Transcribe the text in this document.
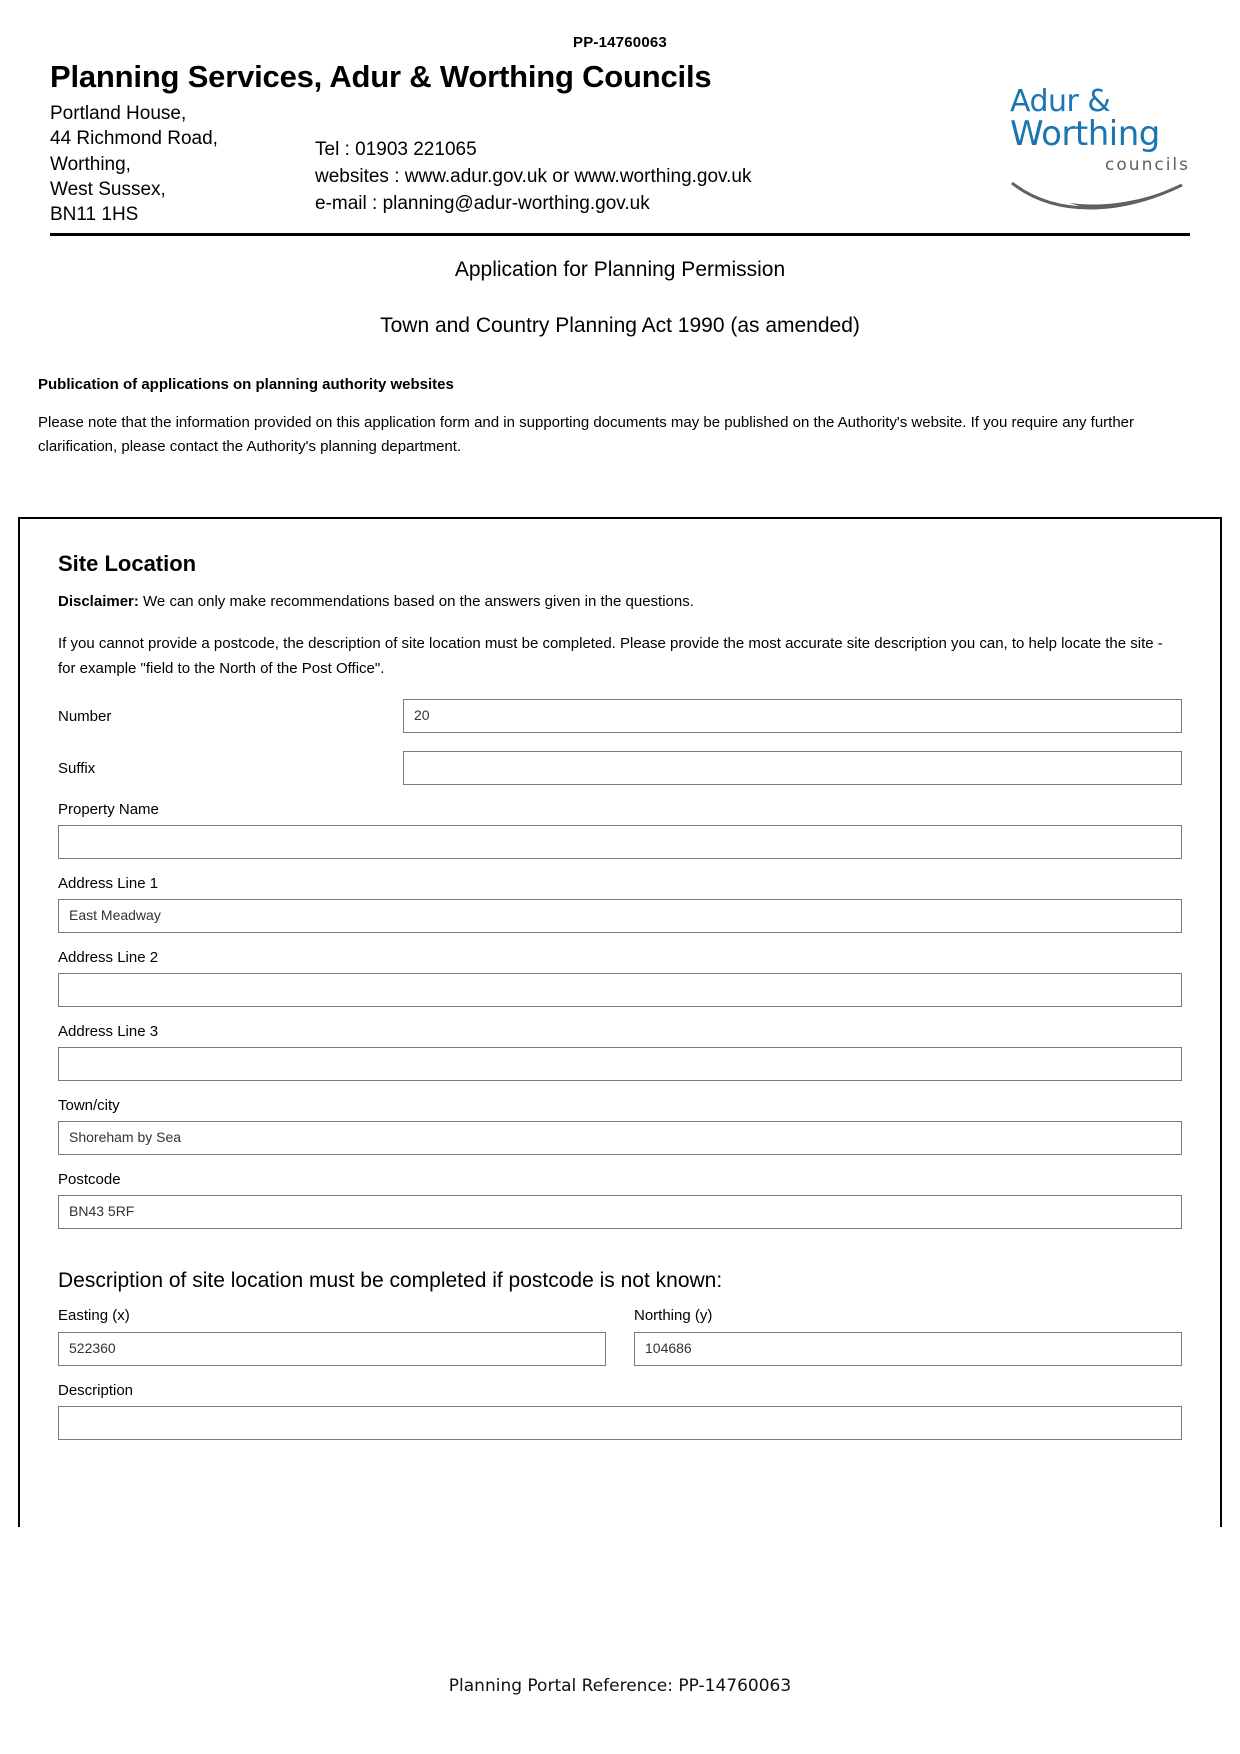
PP-14760063
Planning Services, Adur & Worthing Councils
Portland House,
44 Richmond Road,
Worthing,
West Sussex,
BN11 1HS
Tel : 01903 221065
websites : www.adur.gov.uk or www.worthing.gov.uk
e-mail : planning@adur-worthing.gov.uk
Adur &
Worthing
councils
Application for Planning Permission
Town and Country Planning Act 1990 (as amended)
Publication of applications on planning authority websites
Please note that the information provided on this application form and in supporting documents may be published on the Authority's website. If you require any further clarification, please contact the Authority's planning department.
Site Location
Disclaimer: We can only make recommendations based on the answers given in the questions.
If you cannot provide a postcode, the description of site location must be completed. Please provide the most accurate site description you can, to help locate the site - for example "field to the North of the Post Office".
Number	20
Suffix
Property Name
Address Line 1
East Meadway
Address Line 2
Address Line 3
Town/city
Shoreham by Sea
Postcode
BN43 5RF
Description of site location must be completed if postcode is not known:
Easting (x)
522360
Northing (y)
104686
Description
Planning Portal Reference: PP-14760063
